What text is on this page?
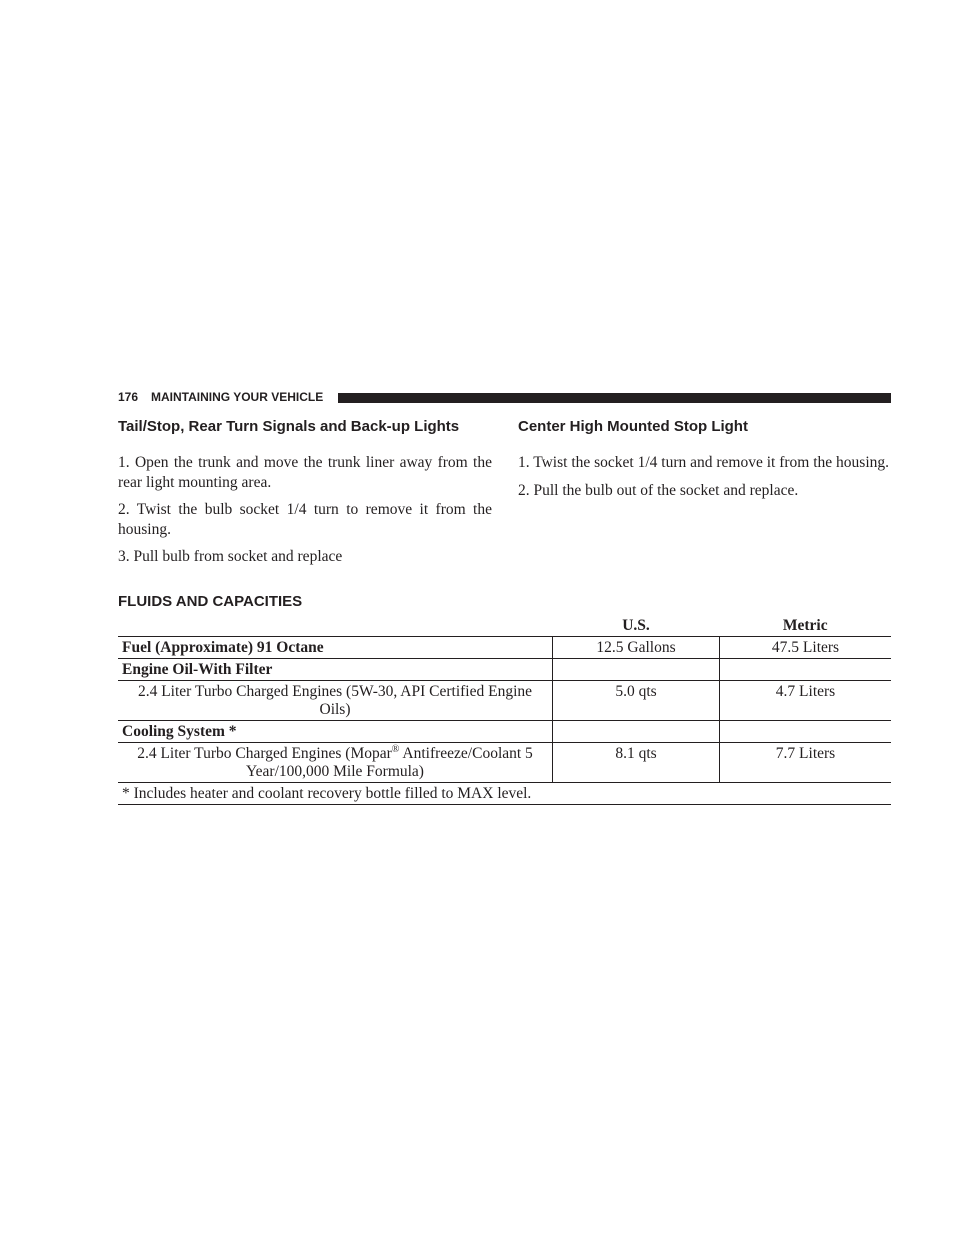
176 MAINTAINING YOUR VEHICLE
Tail/Stop, Rear Turn Signals and Back-up Lights

1. Open the trunk and move the trunk liner away from the rear light mounting area.

2. Twist the bulb socket 1/4 turn to remove it from the housing.

3. Pull bulb from socket and replace

Center High Mounted Stop Light

1. Twist the socket 1/4 turn and remove it from the housing.

2. Pull the bulb out of the socket and replace.

FLUIDS AND CAPACITIES
	U.S.	Metric
Fuel (Approximate) 91 Octane	12.5 Gallons	47.5 Liters
Engine Oil-With Filter		
2.4 Liter Turbo Charged Engines (5W-30, API Certified Engine Oils)	5.0 qts	4.7 Liters
Cooling System *		
2.4 Liter Turbo Charged Engines (Mopar® Antifreeze/Coolant 5 Year/100,000 Mile Formula)	8.1 qts	7.7 Liters
* Includes heater and coolant recovery bottle filled to MAX level.		
